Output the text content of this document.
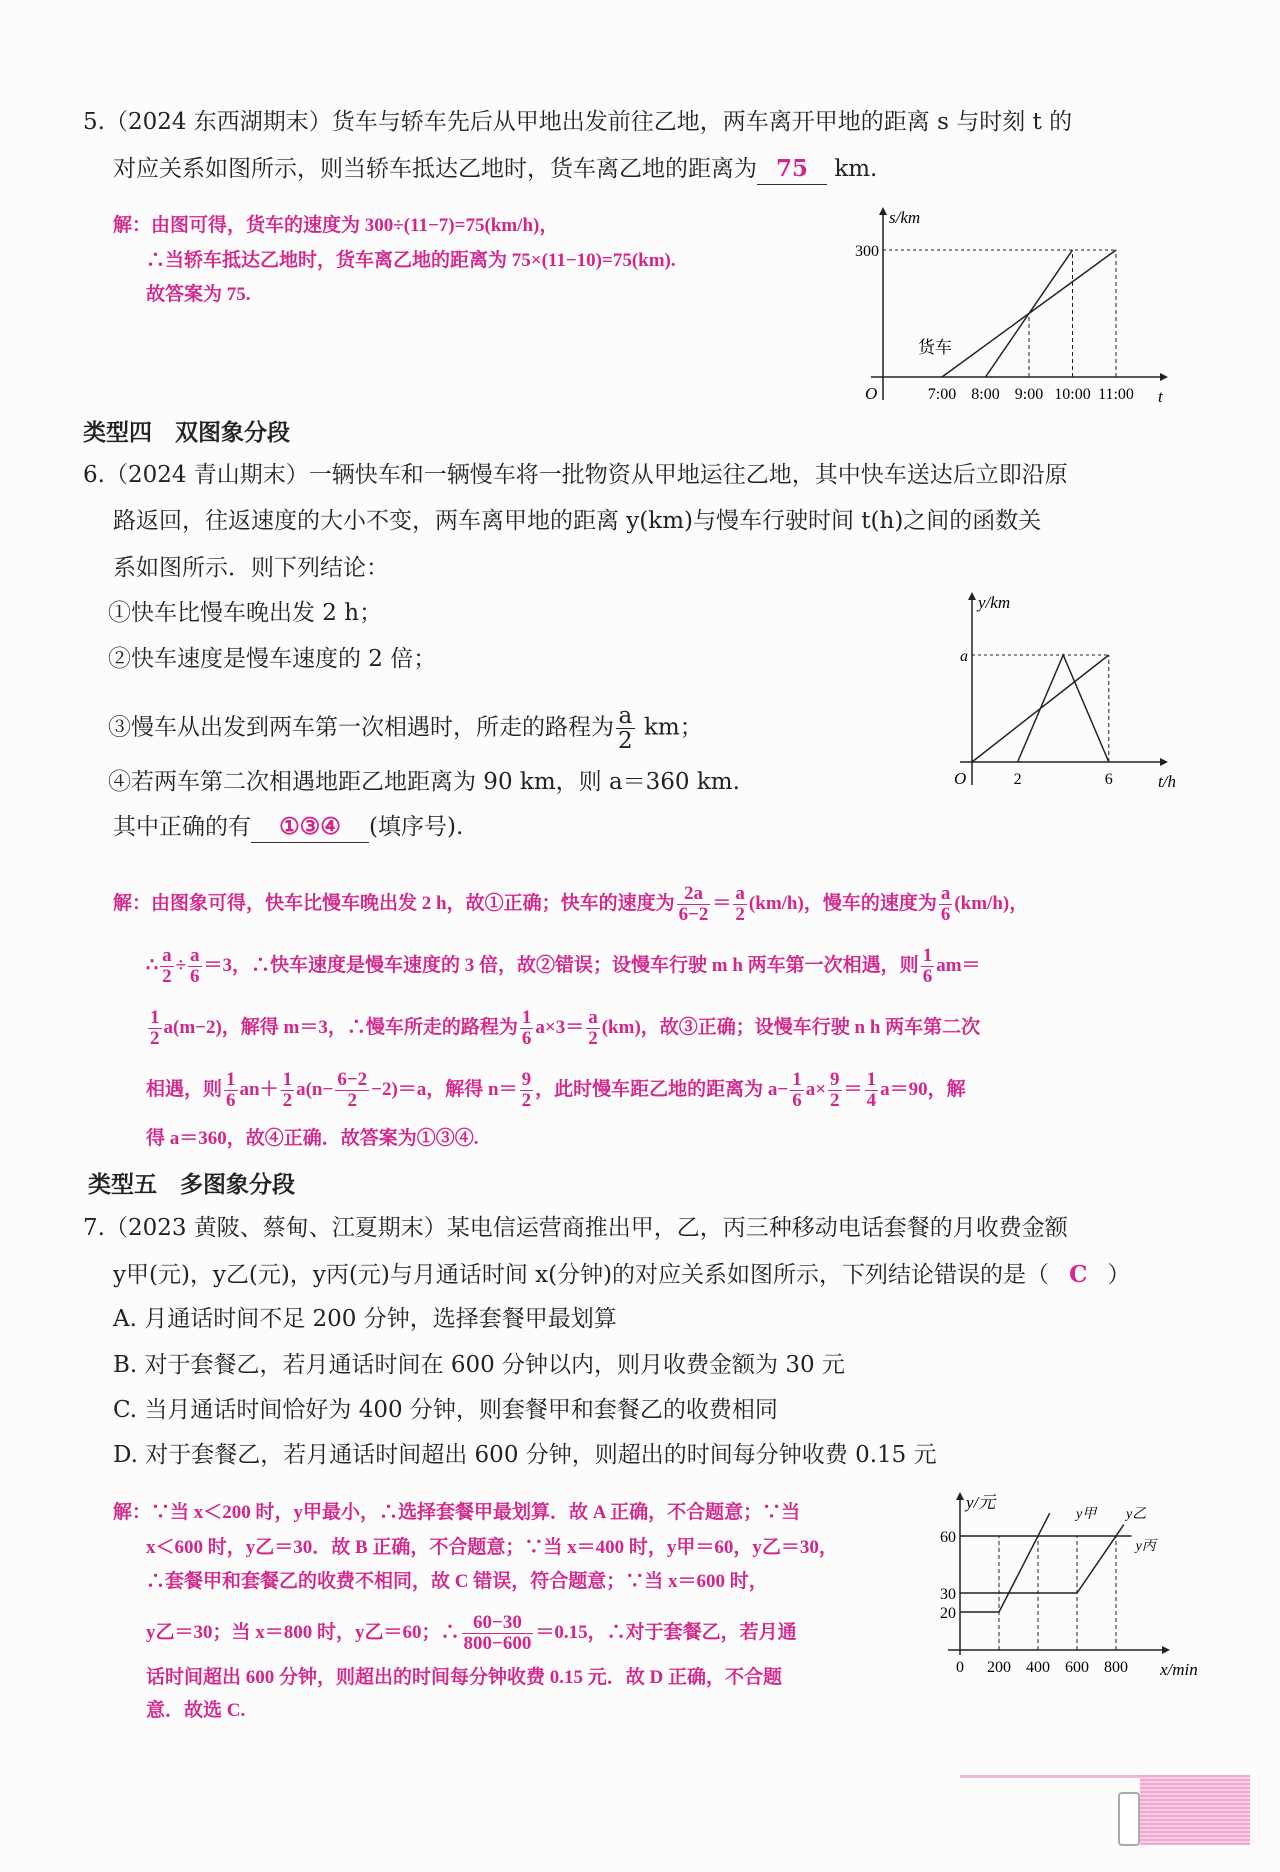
5.（2024 东西湖期末）货车与轿车先后从甲地出发前往乙地，两车离开甲地的距离 s 与时刻 t 的
对应关系如图所示，则当轿车抵达乙地时，货车离乙地的距离为 75 km.
解：由图可得，货车的速度为 300÷(11−7)=75(km/h)，
∴当轿车抵达乙地时，货车离乙地的距离为 75×(11−10)=75(km).
故答案为 75.
s/km
t
O	7:00 8:00 9:00 10:00 11:00
300
货车
类型四　双图象分段
6.（2024 青山期末）一辆快车和一辆慢车将一批物资从甲地运往乙地，其中快车送达后立即沿原
路返回，往返速度的大小不变，两车离甲地的距离 y(km)与慢车行驶时间 t(h)之间的函数关
系如图所示．则下列结论：
①快车比慢车晚出发 2 h；
②快车速度是慢车速度的 2 倍；
③慢车从出发到两车第一次相遇时，所走的路程为 $\frac{a}{2}$ km；
④若两车第二次相遇地距乙地距离为 90 km，则 a＝360 km.
其中正确的有 ①③④ (填序号).
y/km
t/h
O	2	6
a
解：由图象可得，快车比慢车晚出发 2 h，故①正确；快车的速度为 $\frac{2a}{6-2} = \frac{a}{2} (km/h)$，慢车的速度为 $\frac{a}{6} (km/h)$，
∴ $\frac{a}{2} \div \frac{a}{6} =3$，∴快车速度是慢车速度的 3 倍，故②错误；设慢车行驶 m h 两车第一次相遇，则 $\frac{1}{6} am=$
$\frac{1}{2} a(m-2)$，解得 m＝3，∴慢车所走的路程为 $\frac{1}{6} a\times 3= \frac{a}{2} (km)$，故③正确；设慢车行驶 n h 两车第二次
相遇，则 $\frac{1}{6} an+ \frac{1}{2} a(n- \frac{6-2}{2} -2)=a$，解得 $n= \frac{9}{2}$ ，此时慢车距乙地的距离为 $a- \frac{1}{6} a\times \frac{9}{2} = \frac{1}{4} a=90$，解
得 a＝360，故④正确．故答案为①③④.
类型五　多图象分段
7.（2023 黄陂、蔡甸、江夏期末）某电信运营商推出甲，乙，丙三种移动电话套餐的月收费金额
y甲(元)，y乙(元)，y丙(元)与月通话时间 x(分钟)的对应关系如图所示，下列结论错误的是（ C ）
A. 月通话时间不足 200 分钟，选择套餐甲最划算
B. 对于套餐乙，若月通话时间在 600 分钟以内，则月收费金额为 30 元
C. 当月通话时间恰好为 400 分钟，则套餐甲和套餐乙的收费相同
D. 对于套餐乙，若月通话时间超出 600 分钟，则超出的时间每分钟收费 0.15 元
解：∵当 x＜200 时，y甲最小，∴选择套餐甲最划算．故 A 正确，不合题意；∵当
x＜600 时，y乙＝30．故 B 正确，不合题意；∵当 x＝400 时，y甲＝60，y乙＝30，
∴套餐甲和套餐乙的收费不相同，故 C 错误，符合题意；∵当 x＝600 时，
y乙＝30；当 x＝800 时，y乙＝60；∴ $\frac{60-30}{800-600} =0.15$，∴对于套餐乙，若月通
话时间超出 600 分钟，则超出的时间每分钟收费 0.15 元．故 D 正确，不合题
意．故选 C.
y/元
x/min
0 200 400 600 800
20
30
60
y甲 y乙
y丙
